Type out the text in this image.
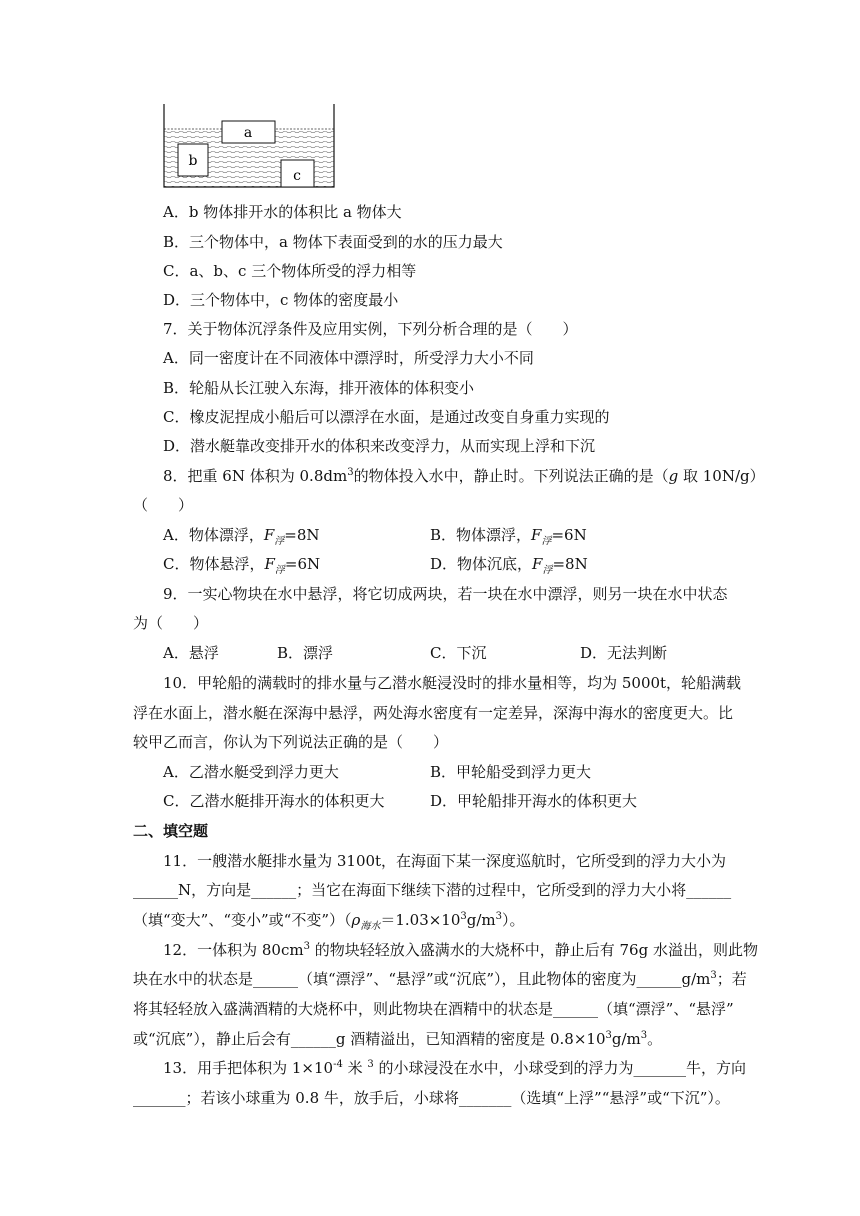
a
b
c
A．b 物体排开水的体积比 a 物体大
B．三个物体中，a 物体下表面受到的水的压力最大
C．a、b、c 三个物体所受的浮力相等
D．三个物体中，c 物体的密度最小
7．关于物体沉浮条件及应用实例，下列分析合理的是（　　）
A．同一密度计在不同液体中漂浮时，所受浮力大小不同
B．轮船从长江驶入东海，排开液体的体积变小
C．橡皮泥捏成小船后可以漂浮在水面，是通过改变自身重力实现的
D．潜水艇靠改变排开水的体积来改变浮力，从而实现上浮和下沉
8．把重 6N 体积为 $0.8dm^3$的物体投入水中，静止时。下列说法正确的是（g 取 10N/g）
（　　）
A．物体漂浮，$F_浮=8N$	B．物体漂浮，$F_浮=6N$
C．物体悬浮，$F_浮=6N$	D．物体沉底，$F_浮=8N$
9．一实心物块在水中悬浮，将它切成两块，若一块在水中漂浮，则另一块在水中状态
为（　　）
A．悬浮	B．漂浮	C．下沉	D．无法判断
10．甲轮船的满载时的排水量与乙潜水艇浸没时的排水量相等，均为 5000t，轮船满载
浮在水面上，潜水艇在深海中悬浮，两处海水密度有一定差异，深海中海水的密度更大。比
较甲乙而言，你认为下列说法正确的是（　　）
A．乙潜水艇受到浮力更大	B．甲轮船受到浮力更大
C．乙潜水艇排开海水的体积更大	D．甲轮船排开海水的体积更大
二、填空题
11．一艘潜水艇排水量为 3100t，在海面下某一深度巡航时，它所受到的浮力大小为
______N，方向是______；当它在海面下继续下潜的过程中，它所受到的浮力大小将______
（填“变大”、“变小”或“不变$”)(\rho_{海水}=1.03\times 10^3g/m^3)$。
12．一体积为 $80cm^3$ 的物块轻轻放入盛满水的大烧杯中，静止后有 76g 水溢出，则此物
块在水中的状态是______（填“漂浮”、“悬浮”或“沉底”），且此物体的密度为$\_\_\_\_\_\_g/m^3$；若
将其轻轻放入盛满酒精的大烧杯中，则此物块在酒精中的状态是______（填“漂浮”、“悬浮”
或“沉底”），静止后会有______g 酒精溢出，已知酒精的密度是 $0.8\times 10^3g/m^3$。
13．用手把体积为 $1\times 10^{-4}$ 米 $^3$ 的小球浸没在水中，小球受到的浮力为_______牛，方向
_______；若该小球重为 0.8 牛，放手后，小球将_______（选填“上浮”“悬浮”或“下沉”）。
